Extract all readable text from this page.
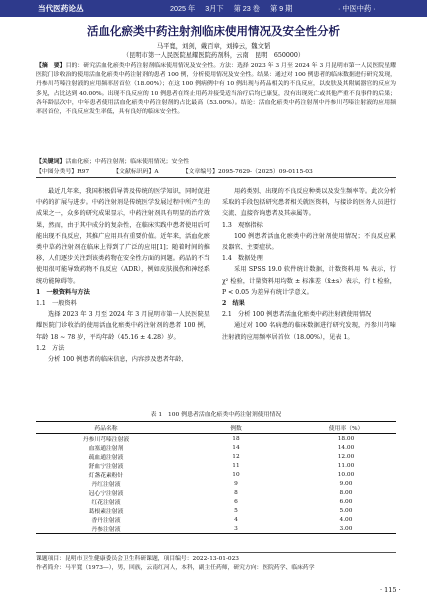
当代医药论丛	2025 年 3月下 第 23 卷 第 9 期	· 中医中药 ·
活血化瘀类中药注射剂临床使用情况及安全性分析
马平寬，刘剑，戴百章，刘捧云，魏文韬
（昆明市第一人民医院星耀医院药剂科，云南　昆明　650000）
【摘　要】目的：研究活血化瘀类中药注射剂临床使用情况及安全性。方法：选择 2023 年 3 月至 2024 年 3 月昆明市第一人民医院星耀医院门诊收治的使用活血化瘀类中药注射剂的患者 100 例，分析使用情况及安全性。结果：通过对 100 例患者的临床数据进行研究发现，丹参川芎嗪注射液的应用频率居首位（18.00%）；在这 100 例病例中有 10 例出现与药品相关的不良反应，以皮肤及其附属器官的反应为多见，占比达到 40.00%。出现不良反应的 10 例患者在终止用药并接受适当治疗后均已康复，没有出现死亡或其他严重不良事件的后果；各年龄层次中，中年患者使用活血化瘀类中药注射剂的占比最高（53.00%）。结论：活血化瘀类中药注射剂中丹参川芎嗪注射液的应用频率居首位，不良反应发生率低，具有良好的临床安全性。
【关键词】活血化瘀；中药注射剂；临床使用情况；安全性
【中图分类号】R97	【文献标识码】A	【文章编号】2095-7629-（2025）09-0115-03

最近几年来，我国积极倡导普及传统的医学知识，同时促进中药的扩展与进步。中药注射剂是传统医学发展过程中所产生的成果之一，众多的研究成果显示，中药注射剂具有明显的治疗效果，然而，由于其中成分的复杂性，在临床实践中患者使用后可能出现不良反应，其推广应用具有重要价值。近年来，活血化瘀类中草药注射剂在临床上得到了广泛的应用[1]；随着时间的推移，人们逐步关注到该类药物在安全性方面的问题。药品的不当使用很可能导致药物不良反应（ADR），例如皮肤损伤和神经系统功能障碍等。

1　一般资料与方法

1.1　一般资料

选择 2023 年 3 月至 2024 年 3 月昆明市第一人民医院星耀医院门诊收治的使用活血化瘀类中药注射剂的患者 100 例，年龄 18 ~ 78 岁，平均年龄（45.16 ± 4.28）岁。

1.2　方法

分析 100 例患者的临床信息，内容涉及患者年龄、

用药类别、出现的不良反应种类以及发生频率等。此次分析采取的手段包括研究患者相关就医资料，与接诊的医务人员进行交流、直接咨询患者及其亲属等。

1.3　观察指标

100 例患者活血化瘀类中药注射剂使用情况；不良反应累及器官、主要症状。

1.4　数据处理

采用 SPSS 19.0 软件统计数据，计数资料用 % 表示，行 χ² 检验，计量资料用均数 ± 标准差（x̄±s）表示，行 t 检验，P < 0.05 为差异有统计学意义。

2　结果

2.1　分析 100 例患者活血化瘀类中药注射液使用情况

通过对 100 名病患的临床数据进行研究发现，丹参川芎嗪注射液的应用频率居首位（18.00%），见表 1。

表 1　100 例患者活血化瘀类中药注射剂使用情况
药品名称	例数	使用率（%）
丹参川芎嗪注射液	18	18.00
血塞通注射剂	14	14.00
疏血通注射液	12	12.00
舒血宁注射液	11	11.00
灯盏花素粉针	10	10.00
丹红注射液	9	9.00
冠心宁注射液	8	8.00
红花注射液	6	6.00
葛根素注射液	5	5.00
香丹注射液	4	4.00
丹参注射液	3	3.00
课题项目：昆明市卫生健康委员会卫生科研课题，项目编号：2022-13-01-023
作者简介：马平寬（1973—），男，回族，云南红河人，本科，副主任药师，研究方向：医院药学、临床药学
· 115 ·
